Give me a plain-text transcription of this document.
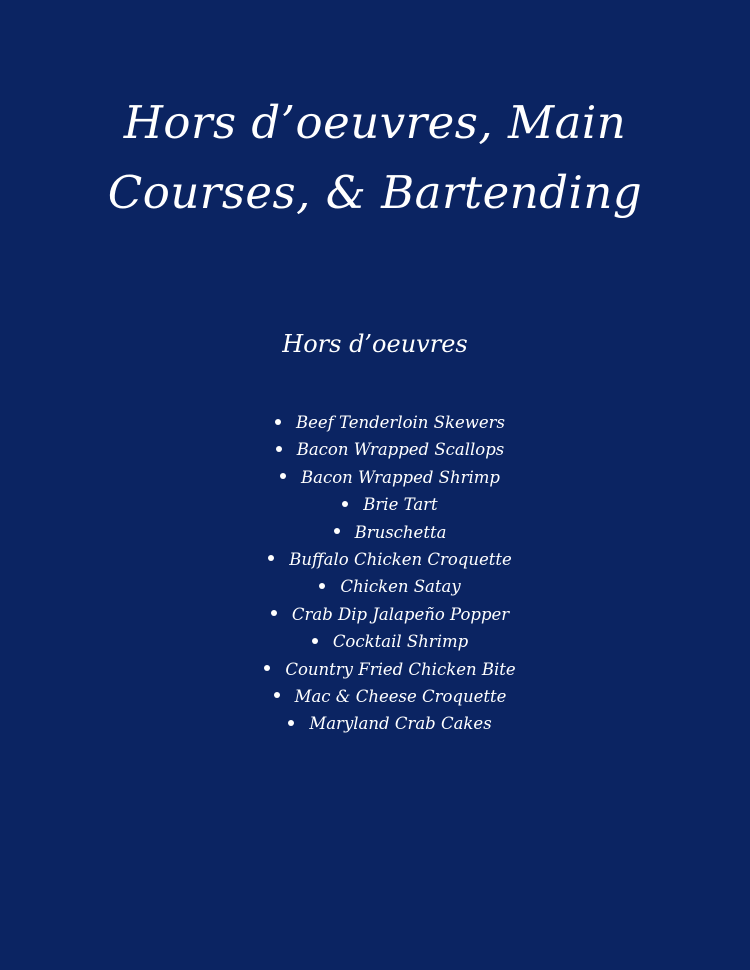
Hors d’oeuvres, Main Courses, & Bartending
Hors d’oeuvres
Beef Tenderloin Skewers
Bacon Wrapped Scallops
Bacon Wrapped Shrimp
Brie Tart
Bruschetta
Buffalo Chicken Croquette
Chicken Satay
Crab Dip Jalapeño Popper
Cocktail Shrimp
Country Fried Chicken Bite
Mac & Cheese Croquette
Maryland Crab Cakes
